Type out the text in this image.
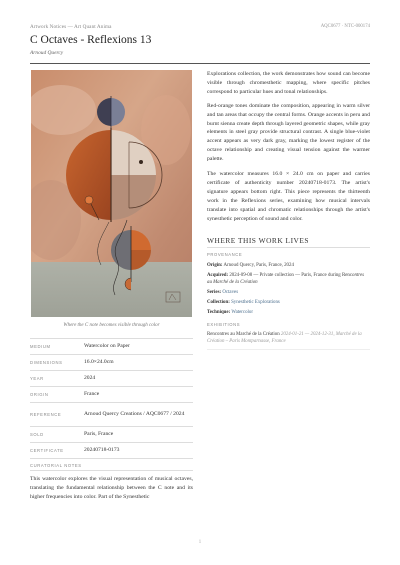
Artwork Notices — Art Quant Anima	AQC0677 · NTC-000174
C Octaves - Reflexions 13
Arnoud Quercy
Where the C note becomes visible through color
MEDIUM	Watercolor on Paper
DIMENSIONS	16.0×24.0cm
YEAR	2024
ORIGIN	France
REFERENCE	Arnoud Quercy Creations / AQC0677 / 2024
SOLD	Paris, France
CERTIFICATE	20240718-0173
CURATORIAL NOTES
This watercolor explores the visual representation of musical octaves, translating the fundamental relationship between the C note and its higher frequencies into color. Part of the Synesthetic

Explorations collection, the work demonstrates how sound can become visible through chromesthetic mapping, where specific pitches correspond to particular hues and tonal relationships.

Red-orange tones dominate the composition, appearing in warm silver and tan areas that occupy the central forms. Orange accents in peru and burnt sienna create depth through layered geometric shapes, while gray elements in steel gray provide structural contrast. A single blue-violet accent appears as very dark gray, marking the lowest register of the octave relationship and creating visual tension against the warmer palette.

The watercolor measures 16.0 × 24.0 cm on paper and carries certificate of authenticity number 20240718-0173. The artist's signature appears bottom right. This piece represents the thirteenth work in the Reflexions series, examining how musical intervals translate into spatial and chromatic relationships through the artist's synesthetic perception of sound and color.

WHERE THIS WORK LIVES
PROVENANCE
Origin: Arnoud Quercy, Paris, France, 2024
Acquired: 2024-09-08 — Private collection — Paris, France during Rencontres au Marché de la Création
Series: Octaves
Collection: Synesthetic Explorations
Technique: Watercolor
EXHIBITIONS
Rencontres au Marché de la Création 2024-01-21 — 2024-12-31, Marché de la Création – Paris Montparnasse, France
1
